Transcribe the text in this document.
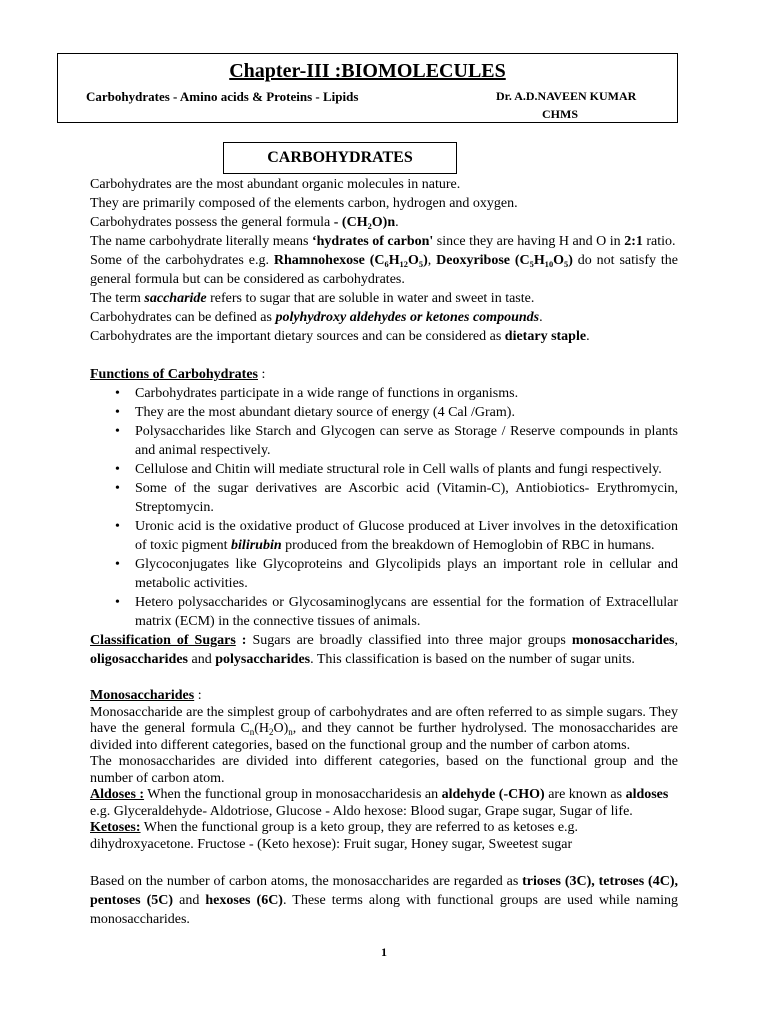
Chapter-III :BIOMOLECULES
Carbohydrates - Amino acids & Proteins - Lipids	Dr. A.D.NAVEEN KUMAR
CHMS
CARBOHYDRATES

Carbohydrates are the most abundant organic molecules in nature.

They are primarily composed of the elements carbon, hydrogen and oxygen.

Carbohydrates possess the general formula - (CH₂O)n.

The name carbohydrate literally means ‘hydrates of carbon' since they are having H and O in 2:1 ratio.

Some of the carbohydrates e.g. Rhamnohexose (C₆H₁₂O₅), Deoxyribose (C₅H₁₀O₅) do not satisfy the general formula but can be considered as carbohydrates.

The term saccharide refers to sugar that are soluble in water and sweet in taste.

Carbohydrates can be defined as polyhydroxy aldehydes or ketones compounds.

Carbohydrates are the important dietary sources and can be considered as dietary staple.

Functions of Carbohydrates :

• Carbohydrates participate in a wide range of functions in organisms.
• They are the most abundant dietary source of energy (4 Cal /Gram).
• Polysaccharides like Starch and Glycogen can serve as Storage / Reserve compounds in plants and animal respectively.
• Cellulose and Chitin will mediate structural role in Cell walls of plants and fungi respectively.
• Some of the sugar derivatives are Ascorbic acid (Vitamin-C), Antiobiotics- Erythromycin, Streptomycin.
• Uronic acid is the oxidative product of Glucose produced at Liver involves in the detoxification of toxic pigment bilirubin produced from the breakdown of Hemoglobin of RBC in humans.
• Glycoconjugates like Glycoproteins and Glycolipids plays an important role in cellular and metabolic activities.
• Hetero polysaccharides or Glycosaminoglycans are essential for the formation of Extracellular matrix (ECM) in the connective tissues of animals.

Classification of Sugars : Sugars are broadly classified into three major groups monosaccharides, oligosaccharides and polysaccharides. This classification is based on the number of sugar units.

Monosaccharides :

Monosaccharide are the simplest group of carbohydrates and are often referred to as simple sugars. They have the general formula $C_n(H_2O)_n$, and they cannot be further hydrolysed. The monosaccharides are divided into different categories, based on the functional group and the number of carbon atoms.

The monosaccharides are divided into different categories, based on the functional group and the number of carbon atom.

Aldoses : When the functional group in monosaccharidesis an aldehyde (-CHO) are known as aldoses

e.g. Glyceraldehyde- Aldotriose, Glucose - Aldo hexose: Blood sugar, Grape sugar, Sugar of life.

Ketoses: When the functional group is a keto group, they are referred to as ketoses e.g. dihydroxyacetone. Fructose - (Keto hexose): Fruit sugar, Honey sugar, Sweetest sugar

Based on the number of carbon atoms, the monosaccharides are regarded as trioses (3C), tetroses (4C), pentoses (5C) and hexoses (6C). These terms along with functional groups are used while naming monosaccharides.

1
